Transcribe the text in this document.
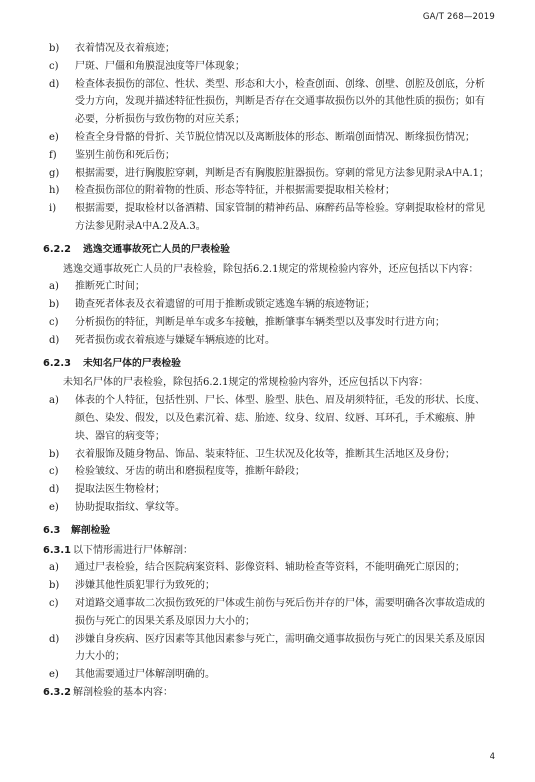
GA/T 268—2019
b)	衣着情况及衣着痕迹；
c)	尸斑、尸僵和角膜混浊度等尸体现象；
d)	检查体表损伤的部位、性状、类型、形态和大小，检查创面、创缘、创壁、创腔及创底，分析受力方向，发现并描述特征性损伤，判断是否存在交通事故损伤以外的其他性质的损伤；如有必要，分析损伤与致伤物的对应关系；
e)	检查全身骨骼的骨折、关节脱位情况以及离断肢体的形态、断端创面情况、断缘损伤情况；
f)	鉴别生前伤和死后伤；
g)	根据需要，进行胸腹腔穿刺，判断是否有胸腹腔脏器损伤。穿刺的常见方法参见附录A中A.1；
h)	检查损伤部位的附着物的性质、形态等特征，并根据需要提取相关检材；
i)	根据需要，提取检材以备酒精、国家管制的精神药品、麻醉药品等检验。穿刺提取检材的常见方法参见附录A中A.2及A.3。
6.2.2 逃逸交通事故死亡人员的尸表检验
逃逸交通事故死亡人员的尸表检验，除包括6.2.1规定的常规检验内容外，还应包括以下内容：
a)	推断死亡时间；
b)	勘查死者体表及衣着遗留的可用于推断或锁定逃逸车辆的痕迹物证；
c)	分析损伤的特征，判断是单车或多车接触，推断肇事车辆类型以及事发时行进方向；
d)	死者损伤或衣着痕迹与嫌疑车辆痕迹的比对。
6.2.3 未知名尸体的尸表检验
未知名尸体的尸表检验，除包括6.2.1规定的常规检验内容外，还应包括以下内容：
a)	体表的个人特征，包括性别、尸长、体型、脸型、肤色、眉及胡须特征，毛发的形状、长度、颜色、染发、假发，以及色素沉着、痣、胎迹、纹身、纹眉、纹唇、耳环孔，手术瘢痕、肿块、器官的病变等；
b)	衣着服饰及随身物品、饰品、装束特征、卫生状况及化妆等，推断其生活地区及身份；
c)	检验皱纹、牙齿的萌出和磨损程度等，推断年龄段；
d)	提取法医生物检材；
e)	协助提取指纹、掌纹等。
6.3 解剖检验
6.3.1 以下情形需进行尸体解剖：
a)	通过尸表检验，结合医院病案资料、影像资料、辅助检查等资料，不能明确死亡原因的；
b)	涉嫌其他性质犯罪行为致死的；
c)	对道路交通事故二次损伤致死的尸体或生前伤与死后伤并存的尸体，需要明确各次事故造成的损伤与死亡的因果关系及原因力大小的；
d)	涉嫌自身疾病、医疗因素等其他因素参与死亡，需明确交通事故损伤与死亡的因果关系及原因力大小的；
e)	其他需要通过尸体解剖明确的。
6.3.2 解剖检验的基本内容：
4
